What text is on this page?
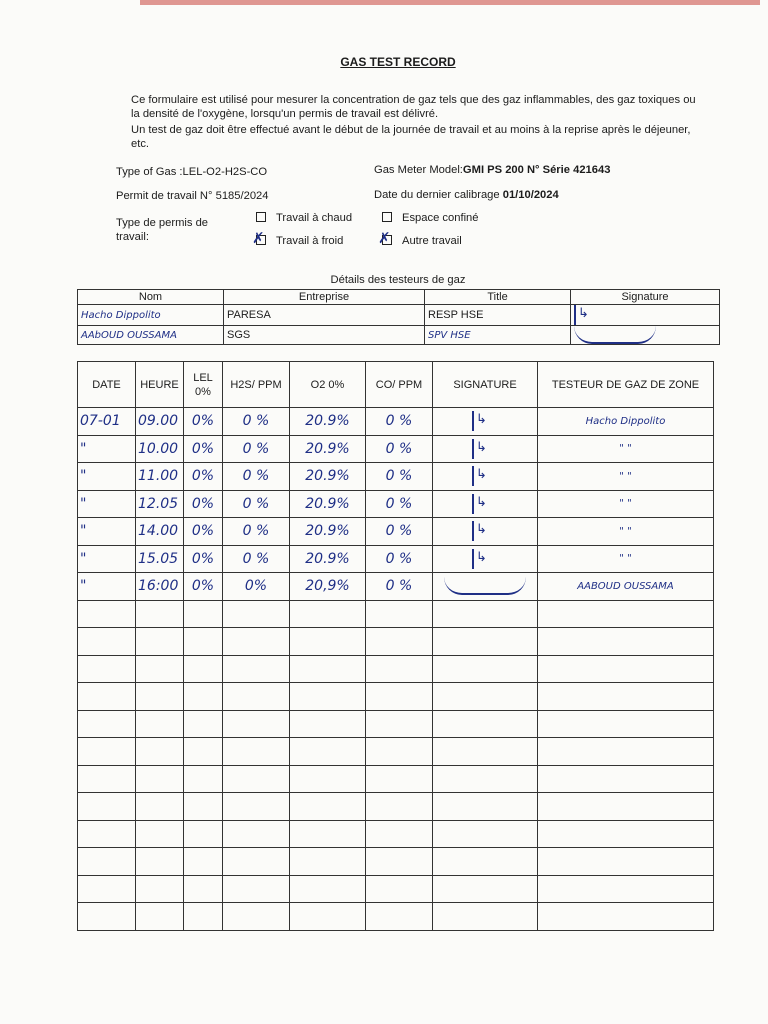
GAS TEST RECORD

Ce formulaire est utilisé pour mesurer la concentration de gaz tels que des gaz inflammables, des gaz toxiques ou la densité de l'oxygène, lorsqu'un permis de travail est délivré.

Un test de gaz doit être effectué avant le début de la journée de travail et au moins à la reprise après le déjeuner, etc.

Type of Gas :LEL-O2-H2S-CO	Gas Meter Model:GMI PS 200 N° Série 421643
Permit de travail N° 5185/2024	Date du dernier calibrage 01/10/2024
Type de permis de travail:
Travail à chaud	Espace confiné
✗ Travail à froid ✗ Autre travail
Détails des testeurs de gaz
Nom	Entreprise	Title	Signature
Hacho Dippolito	PARESA	RESP HSE	↳
AAbOUD OUSSAMA	SGS	SPV HSE	
DATE	HEURE	LEL 0%	H2S/ PPM	O2 0%	CO/ PPM	SIGNATURE	TESTEUR DE GAZ DE ZONE
07-01	09.00	0%	0 %	20.9%	0 %	↳	Hacho Dippolito
"	10.00	0%	0 %	20.9%	0 %	↳	" "
"	11.00	0%	0 %	20.9%	0 %	↳	" "
"	12.05	0%	0 %	20.9%	0 %	↳	" "
"	14.00	0%	0 %	20.9%	0 %	↳	" "
"	15.05	0%	0 %	20.9%	0 %	↳	" "
"	16:00	0%	0%	20,9%	0 %		AABOUD OUSSAMA
